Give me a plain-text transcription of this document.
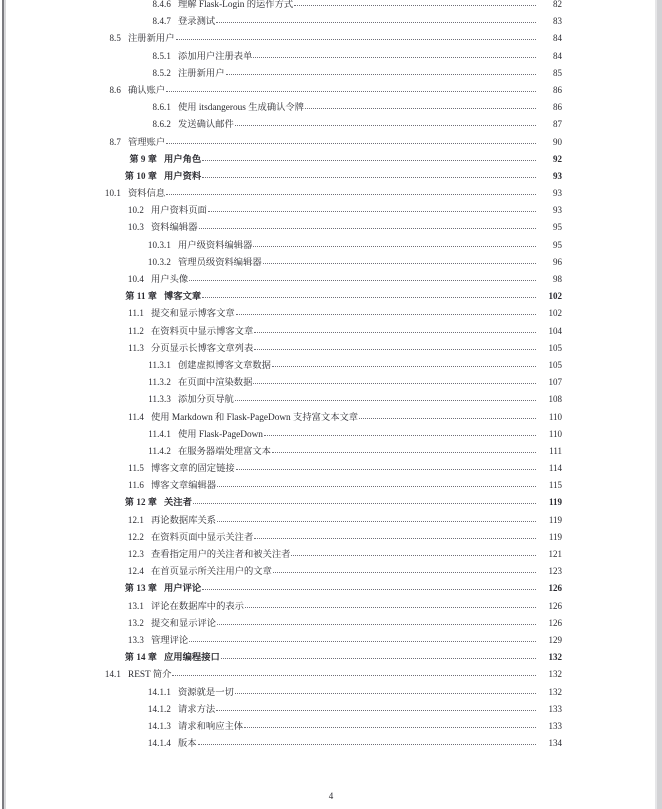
8.4.6 理解 Flask-Login 的运作方式	82
8.4.7 登录测试	83
8.5 注册新用户	84
8.5.1 添加用户注册表单	84
8.5.2 注册新用户	85
8.6 确认账户	86
8.6.1 使用 itsdangerous 生成确认令牌	86
8.6.2 发送确认邮件	87
8.7 管理账户	90
第 9 章 用户角色	92
第 10 章 用户资料	93
10.1 资料信息	93
10.2 用户资料页面	93
10.3 资料编辑器	95
10.3.1 用户级资料编辑器	95
10.3.2 管理员级资料编辑器	96
10.4 用户头像	98
第 11 章 博客文章	102
11.1 提交和显示博客文章	102
11.2 在资料页中显示博客文章	104
11.3 分页显示长博客文章列表	105
11.3.1 创建虚拟博客文章数据	105
11.3.2 在页面中渲染数据	107
11.3.3 添加分页导航	108
11.4 使用 Markdown 和 Flask-PageDown 支持富文本文章	110
11.4.1 使用 Flask-PageDown	110
11.4.2 在服务器端处理富文本	111
11.5 博客文章的固定链接	114
11.6 博客文章编辑器	115
第 12 章 关注者	119
12.1 再论数据库关系	119
12.2 在资料页面中显示关注者	119
12.3 查看指定用户的关注者和被关注者	121
12.4 在首页显示所关注用户的文章	123
第 13 章 用户评论	126
13.1 评论在数据库中的表示	126
13.2 提交和显示评论	126
13.3 管理评论	129
第 14 章 应用编程接口	132
14.1 REST 简介	132
14.1.1 资源就是一切	132
14.1.2 请求方法	133
14.1.3 请求和响应主体	133
14.1.4 版本	134
4
